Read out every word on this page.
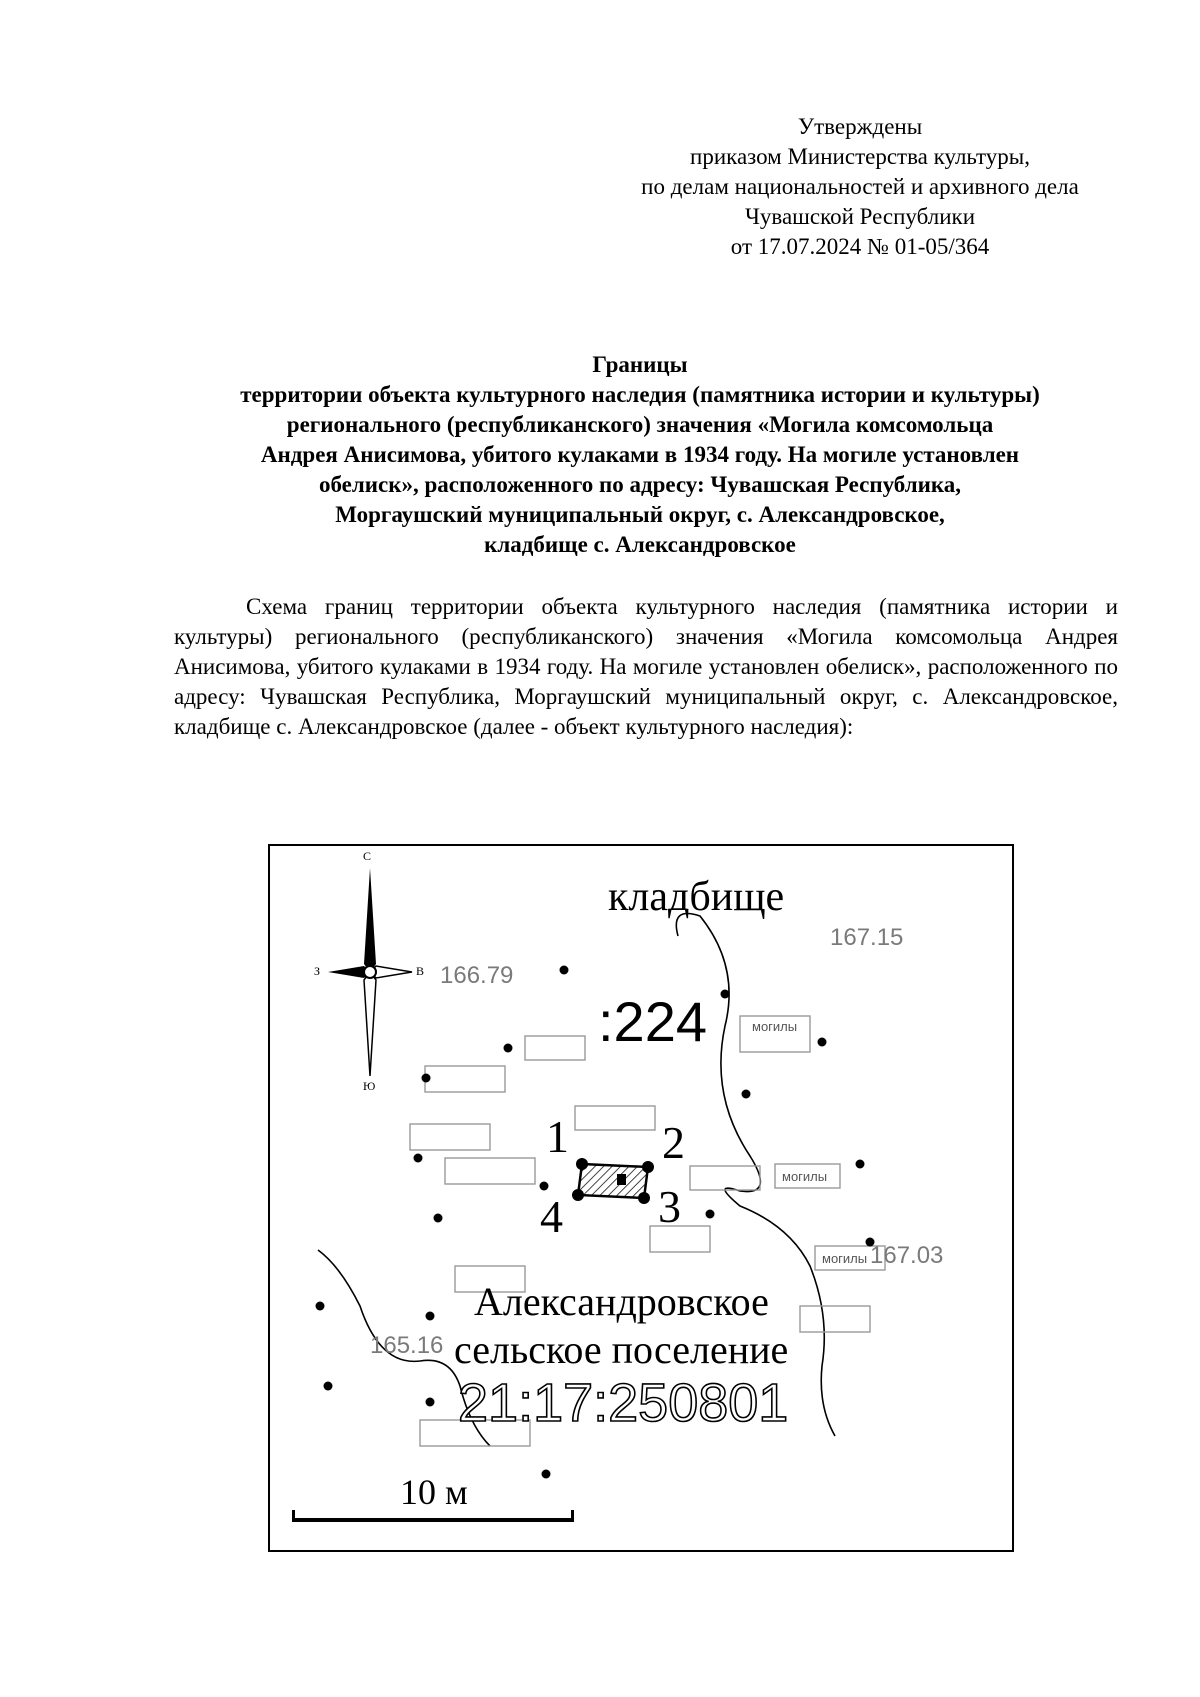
Утверждены
приказом Министерства культуры,
по делам национальностей и архивного дела
Чувашской Республики
от 17.07.2024 № 01-05/364
Границы
территории объекта культурного наследия (памятника истории и культуры)
регионального (республиканского) значения «Могила комсомольца
Андрея Анисимова, убитого кулаками в 1934 году. На могиле установлен
обелиск», расположенного по адресу: Чувашская Республика,
Моргаушский муниципальный округ, с. Александровское,
кладбище с. Александровское
Схема границ территории объекта культурного наследия (памятника истории и культуры) регионального (республиканского) значения «Могила комсомольца Андрея Анисимова, убитого кулаками в 1934 году. На могиле установлен обелиск», расположенного по адресу: Чувашская Республика, Моргаушский муниципальный округ, с. Александровское, кладбище с. Александровское (далее - объект культурного наследия):
С
Ю
З	В
кладбище
:224
166.79
167.15
167.03
165.16
могилы
могилы
могилы
1 2
3
4
Александровское
сельское поселение
21:17:250801
10 м
